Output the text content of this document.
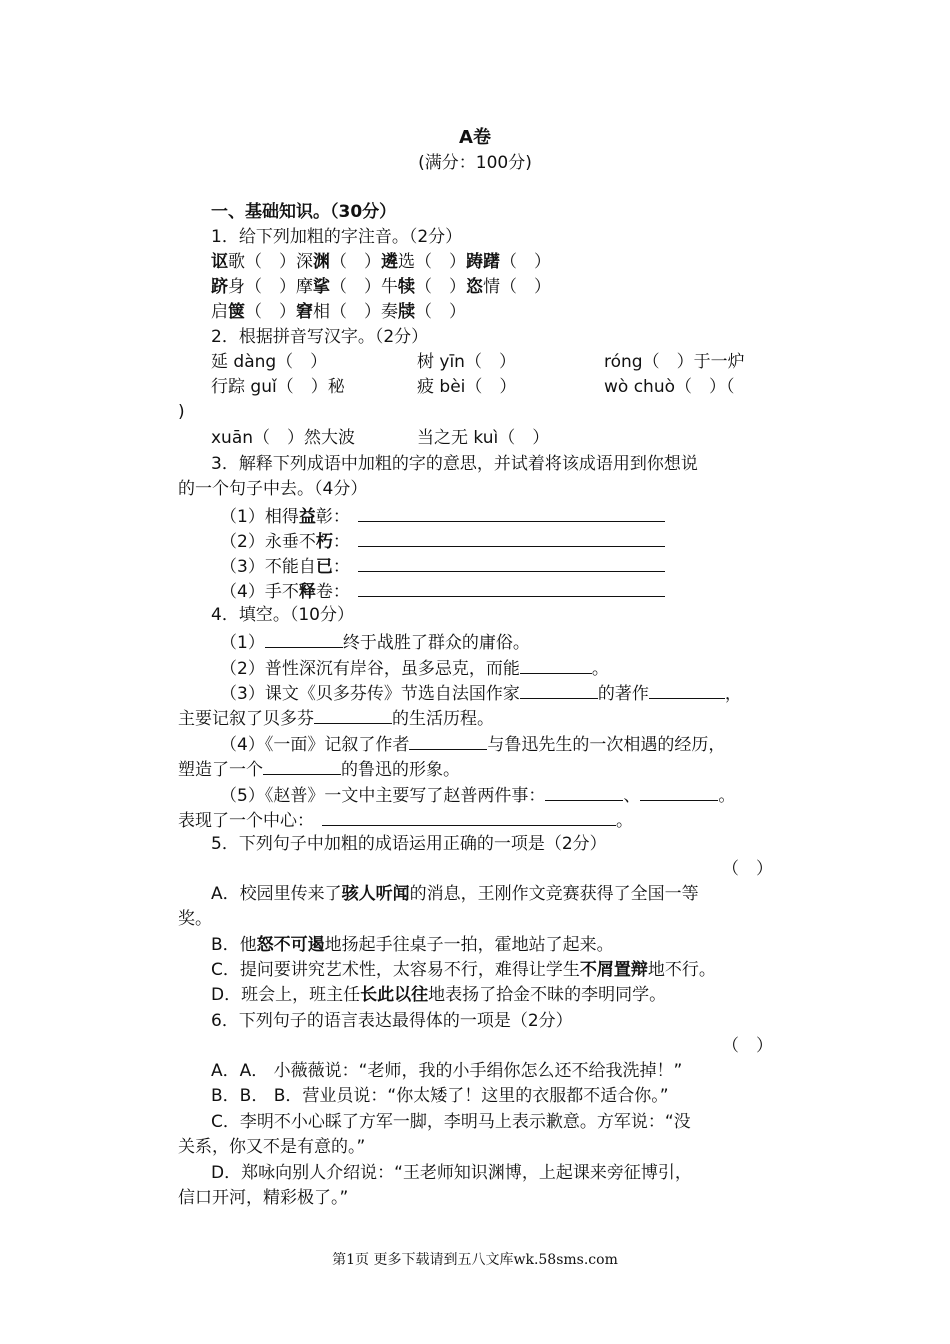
A卷
(满分：100分)
一、基础知识。（30分）
1．给下列加粗的字注音。（2分）
讴歌（　）深渊（　）遴选（　）踌躇（　）
跻身（　）摩挲（　）牛犊（　）恣情（　）
启箧（　）窘相（　）奏牍（　）
2．根据拼音写汉字。（2分）
延 dàng（　）	树 yīn（　）	róng（　）于一炉
行踪 guǐ（　）秘	疲 bèi（　）	wò chuò（　）（
)
xuān（　）然大波	当之无 kuì（　）
3．解释下列成语中加粗的字的意思，并试着将该成语用到你想说
的一个句子中去。（4分）
（1）相得益彰：
（2）永垂不朽：
（3）不能自已：
（4）手不释卷：
4．填空。（10分）
（1）	终于战胜了群众的庸俗。
（2）普性深沉有岸谷，虽多忌克，而能	。
（3）课文《贝多芬传》节选自法国作家	的著作	，
主要记叙了贝多芬	的生活历程。
（4）《一面》记叙了作者	与鲁迅先生的一次相遇的经历，
塑造了一个	的鲁迅的形象。
（5）《赵普》一文中主要写了赵普两件事：	、	。
表现了一个中心：	。
5．下列句子中加粗的成语运用正确的一项是（2分）
（　）
A．校园里传来了骇人听闻的消息，王刚作文竞赛获得了全国一等
奖。
B．他怒不可遏地扬起手往桌子一拍，霍地站了起来。
C．提问要讲究艺术性，太容易不行，难得让学生不屑置辩地不行。
D．班会上，班主任长此以往地表扬了拾金不昧的李明同学。
6．下列句子的语言表达最得体的一项是（2分）
（　）
A．A． 小薇薇说：“老师，我的小手绢你怎么还不给我洗掉！”
B．B． B．营业员说：“你太矮了！这里的衣服都不适合你。”
C．李明不小心睬了方军一脚，李明马上表示歉意。方军说：“没
关系，你又不是有意的。”
D．郑咏向别人介绍说：“王老师知识渊博，上起课来旁征博引，
信口开河，精彩极了。”
第1页 更多下载请到五八文库wk.58sms.com
